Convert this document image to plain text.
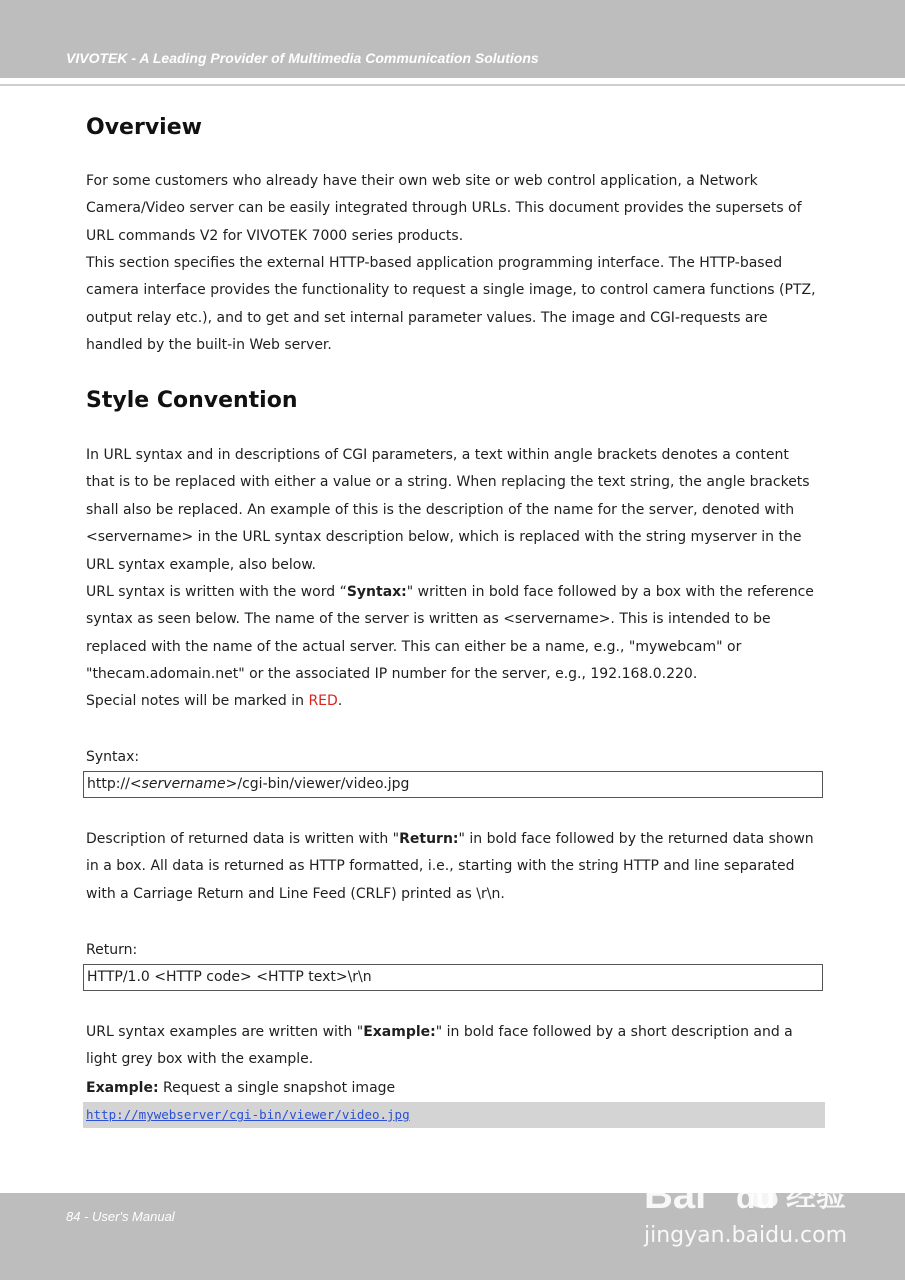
VIVOTEK - A Leading Provider of Multimedia Communication Solutions
Overview

For some customers who already have their own web site or web control application, a Network Camera/Video server can be easily integrated through URLs. This document provides the supersets of URL commands V2 for VIVOTEK 7000 series products.

This section specifies the external HTTP-based application programming interface. The HTTP-based camera interface provides the functionality to request a single image, to control camera functions (PTZ, output relay etc.), and to get and set internal parameter values. The image and CGI-requests are handled by the built-in Web server.

Style Convention

In URL syntax and in descriptions of CGI parameters, a text within angle brackets denotes a content that is to be replaced with either a value or a string. When replacing the text string, the angle brackets shall also be replaced. An example of this is the description of the name for the server, denoted with <servername> in the URL syntax description below, which is replaced with the string myserver in the URL syntax example, also below.

URL syntax is written with the word “Syntax:" written in bold face followed by a box with the reference syntax as seen below. The name of the server is written as <servername>. This is intended to be replaced with the name of the actual server. This can either be a name, e.g., "mywebcam" or "thecam.adomain.net" or the associated IP number for the server, e.g., 192.168.0.220.

Special notes will be marked in RED.

Syntax:

http://<servername>/cgi-bin/viewer/video.jpg

Description of returned data is written with "Return:" in bold face followed by the returned data shown in a box. All data is returned as HTTP formatted, i.e., starting with the string HTTP and line separated with a Carriage Return and Line Feed (CRLF) printed as \r\n.

Return:

HTTP/1.0 <HTTP code> <HTTP text>\r\n

URL syntax examples are written with "Example:" in bold face followed by a short description and a light grey box with the example.

Example: Request a single snapshot image

http://mywebserver/cgi-bin/viewer/video.jpg
84 - User's Manual	Bai du 经验
jingyan.baidu.com
